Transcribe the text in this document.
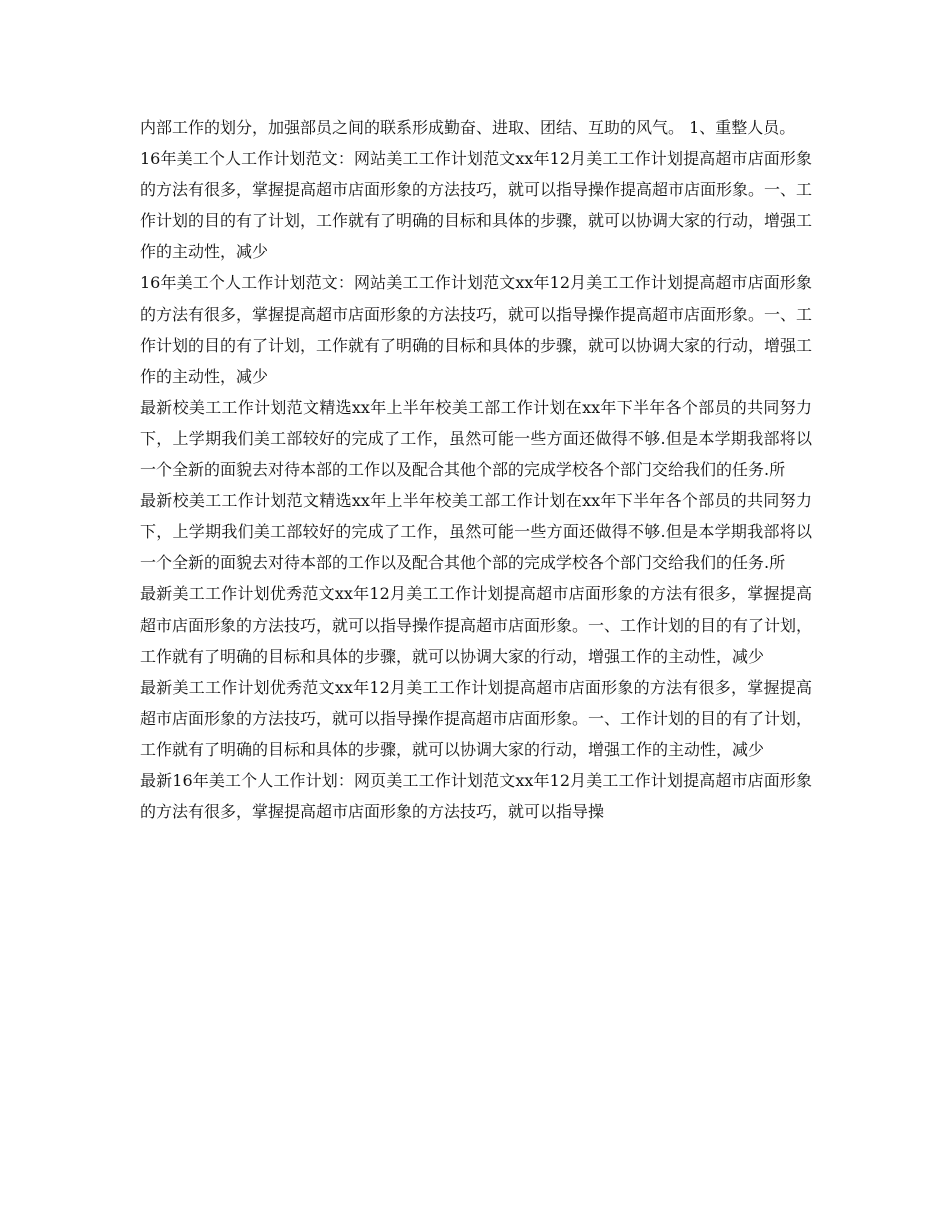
内部工作的划分，加强部员之间的联系形成勤奋、进取、团结、互助的风气。 1、重整人员。

16年美工个人工作计划范文：网站美工工作计划范文xx年12月美工工作计划提高超市店面形象的方法有很多，掌握提高超市店面形象的方法技巧，就可以指导操作提高超市店面形象。一、工作计划的目的有了计划，工作就有了明确的目标和具体的步骤，就可以协调大家的行动，增强工作的主动性，减少

16年美工个人工作计划范文：网站美工工作计划范文xx年12月美工工作计划提高超市店面形象的方法有很多，掌握提高超市店面形象的方法技巧，就可以指导操作提高超市店面形象。一、工作计划的目的有了计划，工作就有了明确的目标和具体的步骤，就可以协调大家的行动，增强工作的主动性，减少

最新校美工工作计划范文精选xx年上半年校美工部工作计划在xx年下半年各个部员的共同努力下，上学期我们美工部较好的完成了工作，虽然可能一些方面还做得不够.但是本学期我部将以一个全新的面貌去对待本部的工作以及配合其他个部的完成学校各个部门交给我们的任务.所

最新校美工工作计划范文精选xx年上半年校美工部工作计划在xx年下半年各个部员的共同努力下，上学期我们美工部较好的完成了工作，虽然可能一些方面还做得不够.但是本学期我部将以一个全新的面貌去对待本部的工作以及配合其他个部的完成学校各个部门交给我们的任务.所

最新美工工作计划优秀范文xx年12月美工工作计划提高超市店面形象的方法有很多，掌握提高超市店面形象的方法技巧，就可以指导操作提高超市店面形象。一、工作计划的目的有了计划，工作就有了明确的目标和具体的步骤，就可以协调大家的行动，增强工作的主动性，减少

最新美工工作计划优秀范文xx年12月美工工作计划提高超市店面形象的方法有很多，掌握提高超市店面形象的方法技巧，就可以指导操作提高超市店面形象。一、工作计划的目的有了计划，工作就有了明确的目标和具体的步骤，就可以协调大家的行动，增强工作的主动性，减少

最新16年美工个人工作计划：网页美工工作计划范文xx年12月美工工作计划提高超市店面形象的方法有很多，掌握提高超市店面形象的方法技巧，就可以指导操
